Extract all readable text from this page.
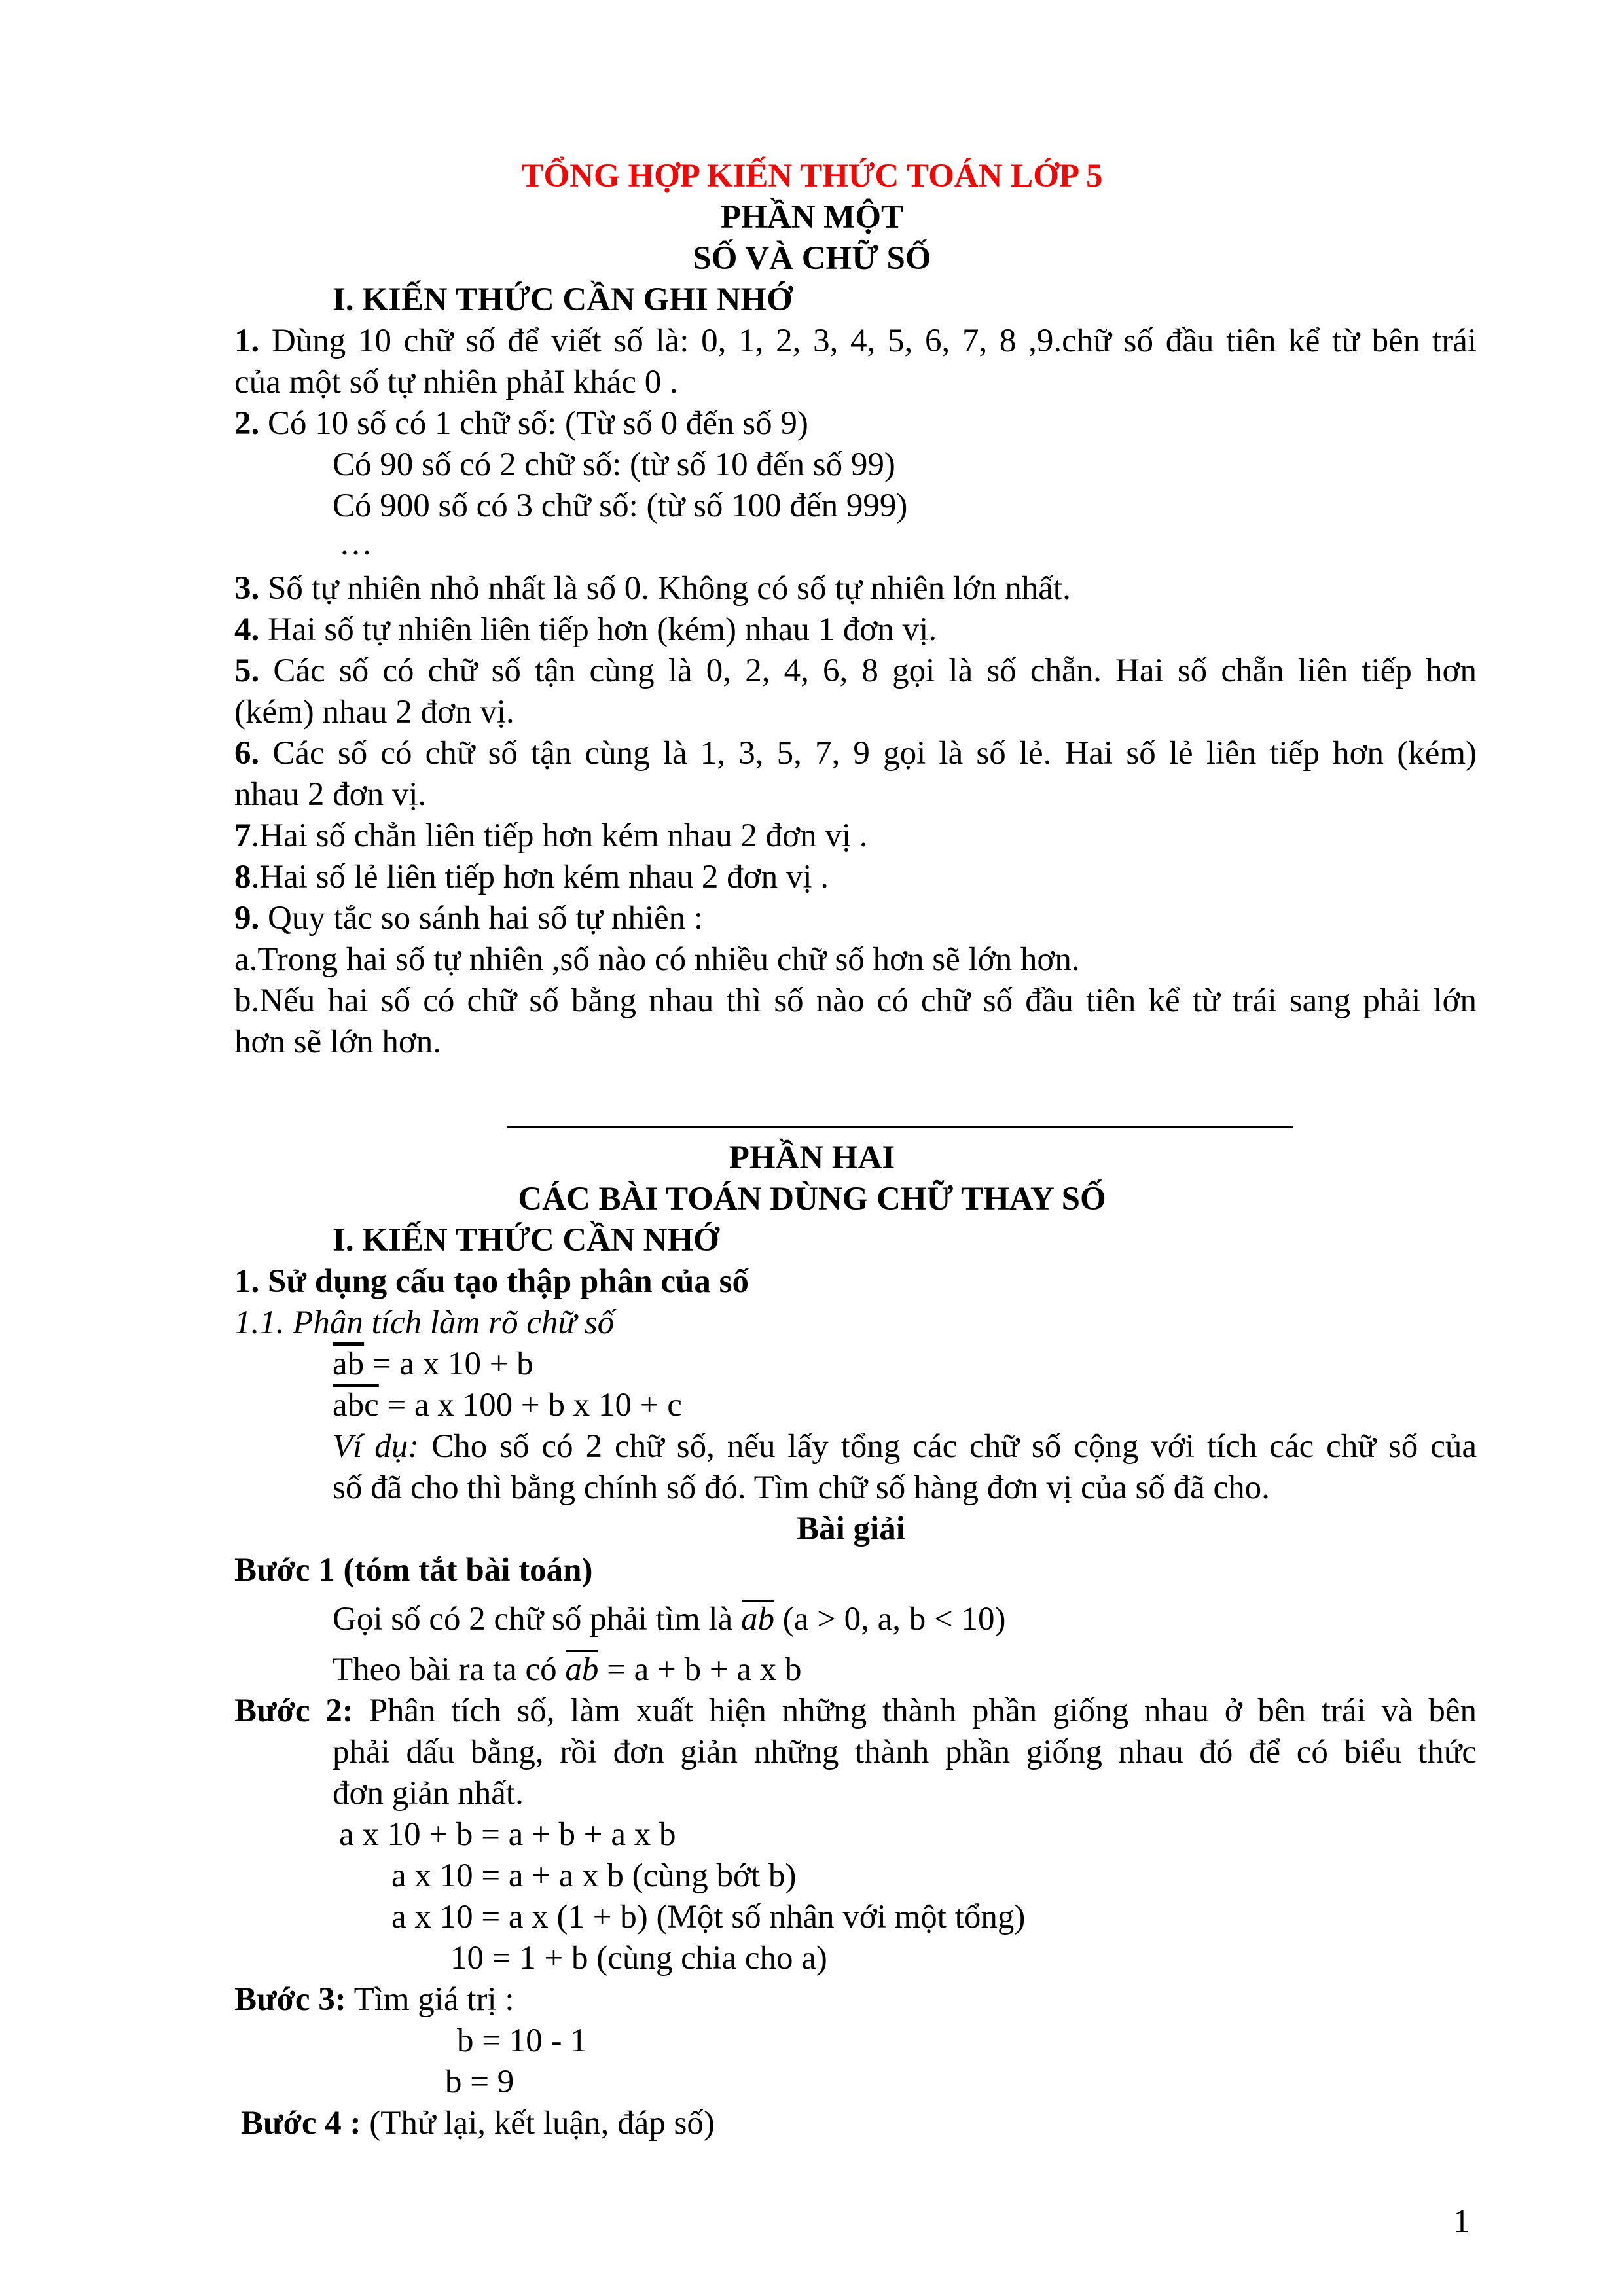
TỔNG HỢP KIẾN THỨC TOÁN LỚP 5
PHẦN MỘT
SỐ VÀ CHỮ SỐ
I. KIẾN THỨC CẦN GHI NHỚ
1. Dùng 10 chữ số để viết số là: 0, 1, 2, 3, 4, 5, 6, 7, 8 ,9.chữ số đầu tiên kể từ bên trái
của một số tự nhiên phảI khác 0 .
2. Có 10 số có 1 chữ số: (Từ số 0 đến số 9)
Có 90 số có 2 chữ số: (từ số 10 đến số 99)
Có 900 số có 3 chữ số: (từ số 100 đến 999)
…
3. Số tự nhiên nhỏ nhất là số 0. Không có số tự nhiên lớn nhất.
4. Hai số tự nhiên liên tiếp hơn (kém) nhau 1 đơn vị.
5. Các số có chữ số tận cùng là 0, 2, 4, 6, 8 gọi là số chẵn. Hai số chẵn liên tiếp hơn
(kém) nhau 2 đơn vị.
6. Các số có chữ số tận cùng là 1, 3, 5, 7, 9 gọi là số lẻ. Hai số lẻ liên tiếp hơn (kém)
nhau 2 đơn vị.
7.Hai số chẳn liên tiếp hơn kém nhau 2 đơn vị .
8.Hai số lẻ liên tiếp hơn kém nhau 2 đơn vị .
9. Quy tắc so sánh hai số tự nhiên :
a.Trong hai số tự nhiên ,số nào có nhiều chữ số hơn sẽ lớn hơn.
b.Nếu hai số có chữ số bằng nhau thì số nào có chữ số đầu tiên kể từ trái sang phải lớn
hơn sẽ lớn hơn.
PHẦN HAI
CÁC BÀI TOÁN DÙNG CHỮ THAY SỐ
I. KIẾN THỨC CẦN NHỚ
1. Sử dụng cấu tạo thập phân của số
1.1. Phân tích làm rõ chữ số
$\overline{ab} = a$ x 10 + b
$\overline{abc} = a$ x 100 + b x 10 + c
Ví dụ: Cho số có 2 chữ số, nếu lấy tổng các chữ số cộng với tích các chữ số của
số đã cho thì bằng chính số đó. Tìm chữ số hàng đơn vị của số đã cho.
Bài giải
Bước 1 (tóm tắt bài toán)
Gọi số có 2 chữ số phải tìm là ab (a > 0, a, b < 10)
Theo bài ra ta có ab = a + b + a x b
Bước 2: Phân tích số, làm xuất hiện những thành phần giống nhau ở bên trái và bên
phải dấu bằng, rồi đơn giản những thành phần giống nhau đó để có biểu thức
đơn giản nhất.
a x 10 + b = a + b + a x b
a x 10 = a + a x b (cùng bớt b)
a x 10 = a x (1 + b) (Một số nhân với một tổng)
10 = 1 + b (cùng chia cho a)
Bước 3: Tìm giá trị :
b = 10 - 1
b = 9
Bước 4 : (Thử lại, kết luận, đáp số)
1
